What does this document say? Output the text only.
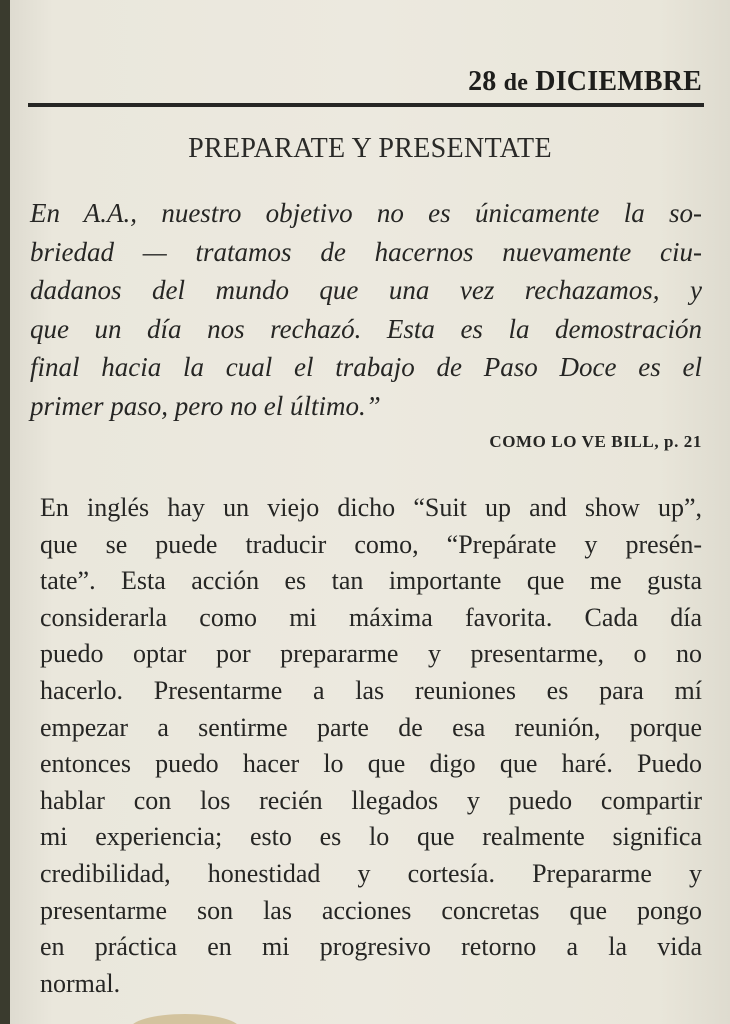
28 de DICIEMBRE
PREPARATE Y PRESENTATE
En A.A., nuestro objetivo no es únicamente la so-
briedad — tratamos de hacernos nuevamente ciu-
dadanos del mundo que una vez rechazamos, y
que un día nos rechazó. Esta es la demostración
final hacia la cual el trabajo de Paso Doce es el
primer paso, pero no el último.”
COMO LO VE BILL, p. 21
En inglés hay un viejo dicho “Suit up and show up”,
que se puede traducir como, “Prepárate y presén-
tate”. Esta acción es tan importante que me gusta
considerarla como mi máxima favorita. Cada día
puedo optar por prepararme y presentarme, o no
hacerlo. Presentarme a las reuniones es para mí
empezar a sentirme parte de esa reunión, porque
entonces puedo hacer lo que digo que haré. Puedo
hablar con los recién llegados y puedo compartir
mi experiencia; esto es lo que realmente significa
credibilidad, honestidad y cortesía. Prepararme y
presentarme son las acciones concretas que pongo
en práctica en mi progresivo retorno a la vida
normal.
